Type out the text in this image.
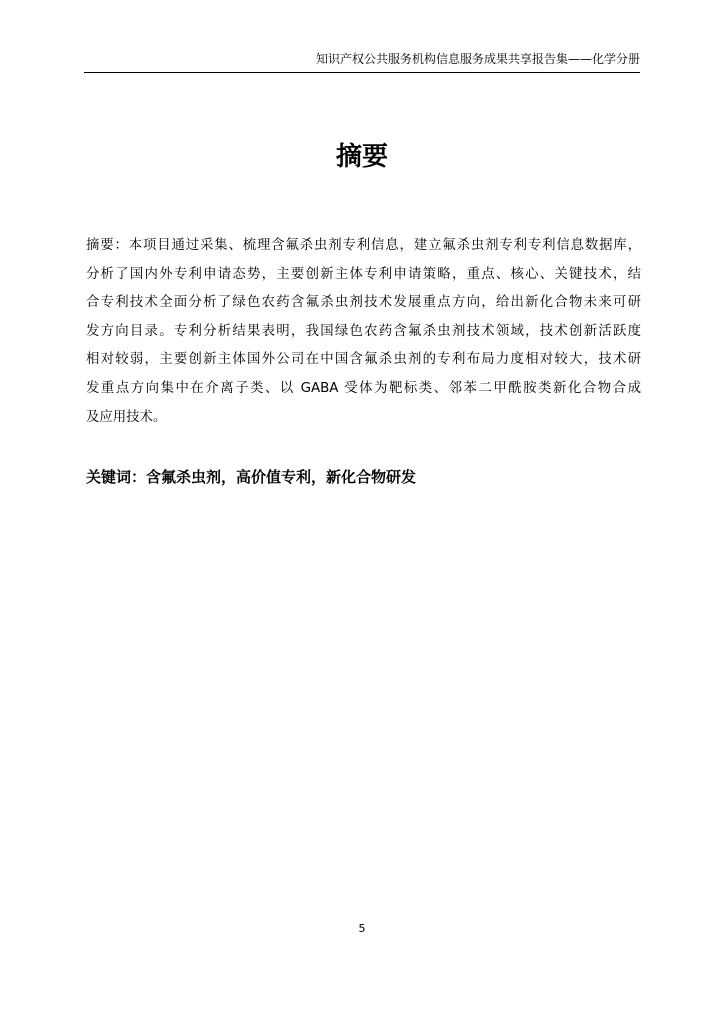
知识产权公共服务机构信息服务成果共享报告集——化学分册
摘要

摘要：本项目通过采集、梳理含氟杀虫剂专利信息，建立氟杀虫剂专利专利信息数据库，
分析了国内外专利申请态势，主要创新主体专利申请策略，重点、核心、关键技术，结
合专利技术全面分析了绿色农药含氟杀虫剂技术发展重点方向，给出新化合物未来可研
发方向目录。专利分析结果表明，我国绿色农药含氟杀虫剂技术领域，技术创新活跃度
相对较弱，主要创新主体国外公司在中国含氟杀虫剂的专利布局力度相对较大，技术研
发重点方向集中在介离子类、以 GABA 受体为靶标类、邻苯二甲酰胺类新化合物合成
及应用技术。

关键词：含氟杀虫剂，高价值专利，新化合物研发
5
